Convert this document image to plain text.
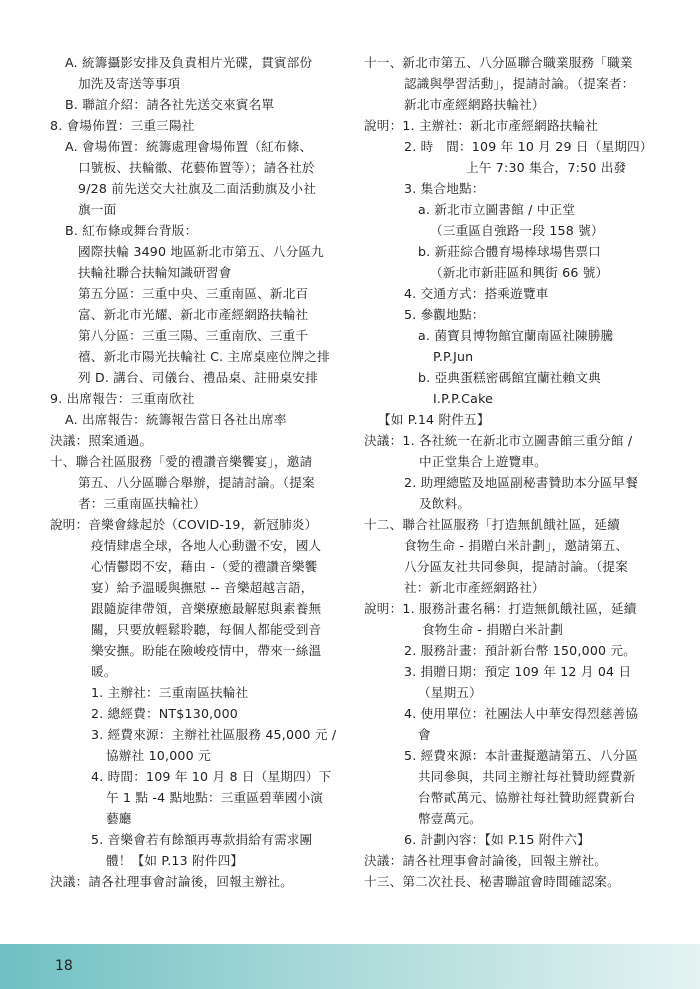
A. 統籌攝影安排及負責相片光碟，貫賓部份
加洗及寄送等事項
B. 聯誼介紹：請各社先送交來賓名單
8. 會場佈置：三重三陽社
A. 會場佈置：統籌處理會場佈置（紅布條、
口號板、扶輪徽、花藝佈置等）；請各社於
9/28 前先送交大社旗及二面活動旗及小社
旗一面
B. 紅布條或舞台背版：
國際扶輪 3490 地區新北市第五、八分區九
扶輪社聯合扶輪知識研習會
第五分區：三重中央、三重南區、新北百
富、新北市光耀、新北市產經網路扶輪社
第八分區：三重三陽、三重南欣、三重千
禧、新北市陽光扶輪社 C. 主席桌座位牌之排
列 D. 講台、司儀台、禮品桌、註冊桌安排
9. 出席報告：三重南欣社
A. 出席報告：統籌報告當日各社出席率
決議：照案通過。
十、聯合社區服務「愛的禮讚音樂饗宴」，邀請
第五、八分區聯合舉辦，提請討論。（提案
者：三重南區扶輪社）
說明：音樂會緣起於（COVID-19，新冠肺炎）
疫情肆虐全球，各地人心動盪不安，國人
心情鬱悶不安，藉由 -（愛的禮讚音樂饗
宴）給予溫暖與撫慰 -- 音樂超越言語，
跟隨旋律帶領，音樂療癒最解慰與素養無
關，只要放輕鬆聆聽，每個人都能受到音
樂安撫。盼能在險峻疫情中，帶來一絲溫
暖。
1. 主辦社：三重南區扶輪社
2. 總經費：NT$130,000
3. 經費來源：主辦社社區服務 45,000 元 /
協辦社 10,000 元
4. 時間：109 年 10 月 8 日（星期四）下
午 1 點 -4 點地點：三重區碧華國小演
藝廳
5. 音樂會若有餘額再專款捐給有需求團
體！【如 P.13 附件四】
決議：請各社理事會討論後，回報主辦社。
十一、新北市第五、八分區聯合職業服務「職業
認識與學習活動」，提請討論。（提案者：
新北市產經網路扶輪社）
說明：1. 主辦社：新北市產經網路扶輪社
2. 時　間：109 年 10 月 29 日（星期四）
上午 7:30 集合，7:50 出發
3. 集合地點：
a. 新北市立圖書館 / 中正堂
（三重區自強路一段 158 號）
b. 新莊綜合體育場棒球場售票口
（新北市新莊區和興街 66 號）
4. 交通方式：搭乘遊覽車
5. 參觀地點：
a. 菌寶貝博物館宜蘭南區社陳勝騰
P.P.Jun
b. 亞典蛋糕密碼館宜蘭社賴文典
I.P.P.Cake
【如 P.14 附件五】
決議：1. 各社統一在新北市立圖書館三重分館 /
中正堂集合上遊覽車。
2. 助理總監及地區副秘書贊助本分區早餐
及飲料。
十二、聯合社區服務「打造無飢餓社區，延續
食物生命 - 捐贈白米計劃」，邀請第五、
八分區友社共同參與，提請討論。（提案
社：新北市產經網路社）
說明：1. 服務計畫名稱：打造無飢餓社區，延續
食物生命 - 捐贈白米計劃
2. 服務計畫：預計新台幣 150,000 元。
3. 捐贈日期：預定 109 年 12 月 04 日
（星期五）
4. 使用單位：社團法人中華安得烈慈善協
會
5. 經費來源：本計畫擬邀請第五、八分區
共同參與，共同主辦社每社贊助經費新
台幣貳萬元、協辦社每社贊助經費新台
幣壹萬元。
6. 計劃內容：【如 P.15 附件六】
決議：請各社理事會討論後，回報主辦社。
十三、第二次社長、秘書聯誼會時間確認案。
18
